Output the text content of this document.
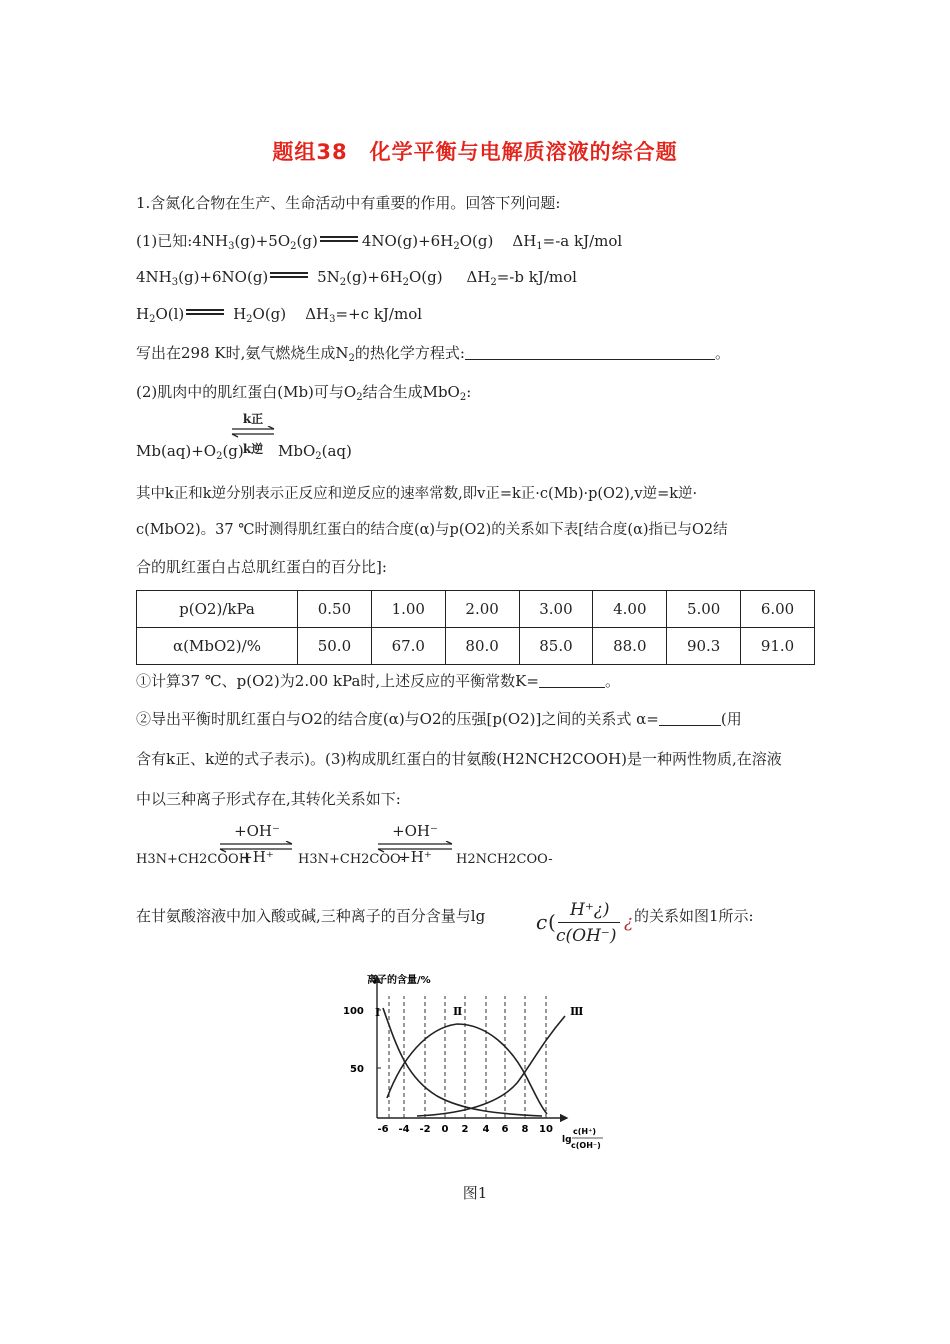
题组38　化学平衡与电解质溶液的综合题
1.含氮化合物在生产、生命活动中有重要的作用。回答下列问题:
(1)已知$:4NH_3(g)+5O_2(g)$	$4NO(g)+6H_2O(g)$ $\Delta H_1=-a$ kJ/mol
$4NH_3(g)+6NO(g)$	$5N_2(g)+6H_2O(g)$ $\Delta H_2=-b$ kJ/mol
$H_2O(l)$	$H_2O(g)$ $\Delta H_3=+c$ kJ/mol
写出在298 K时,氨气燃烧生成$N_2$的热化学方程式:	。
(2)肌肉中的肌红蛋白(Mb)可与$O_2$结合生成MbO$_2$:
$Mb(aq)+O_2(g)$
k正
k逆 MbO$_2$(aq)
其中k正和k逆分别表示正反应和逆反应的速率常数,即v正=k正·c(Mb)·p(O2),v逆=k逆·
c(MbO2)。37 ℃时测得肌红蛋白的结合度(α)与p(O2)的关系如下表[结合度(α)指已与O2结
合的肌红蛋白占总肌红蛋白的百分比]:
p(O2)/kPa	0.50	1.00	2.00	3.00	4.00	5.00	6.00
α(MbO2)/%	50.0	67.0	80.0	85.0	88.0	90.3	91.0
①计算37 ℃、p(O2)为2.00 kPa时,上述反应的平衡常数K=	。
②导出平衡时肌红蛋白与O2的结合度(α)与O2的压强[p(O2)]之间的关系式 α=	(用
含有k正、k逆的式子表示)。(3)构成肌红蛋白的甘氨酸(H2NCH2COOH)是一种两性物质,在溶液
中以三种离子形式存在,其转化关系如下:
H3N+CH2COOH
+OH⁻
+H⁺	H3N+CH2COO-
+OH⁻
+H⁺	H2NCH2COO-
在甘氨酸溶液中加入酸或碱,三种离子的百分含量与lg	c ( H⁺¿)
c(OH⁻)
¿ 的关系如图1所示:
离子的含量/%
100
50
Ⅰ	Ⅱ	Ⅲ
-6 -4 -2 0 2 4 6 8 10
lg
c(H⁺)
c(OH⁻)
图1
